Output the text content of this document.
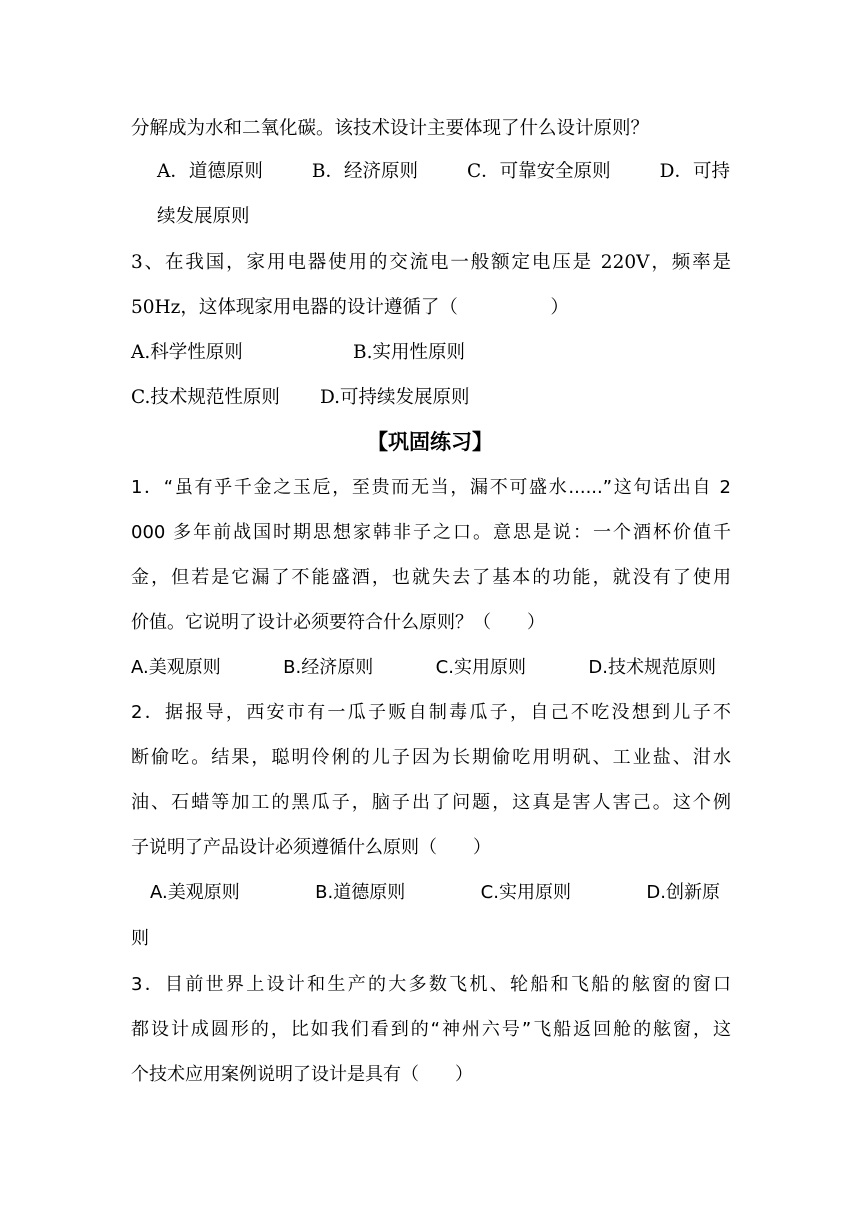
分解成为水和二氧化碳。该技术设计主要体现了什么设计原则？
A．道德原则	B．经济原则	C．可靠安全原则	D．可持
续发展原则
3、在我国，家用电器使用的交流电一般额定电压是 220V，频率是
50Hz，这体现家用电器的设计遵循了（　　　　　）
A.科学性原则	B.实用性原则
C.技术规范性原则	D.可持续发展原则
【巩固练习】
1．“虽有乎千金之玉卮，至贵而无当，漏不可盛水......”这句话出自 2
000 多年前战国时期思想家韩非子之口。意思是说：一个酒杯价值千
金，但若是它漏了不能盛酒，也就失去了基本的功能，就没有了使用
价值。它说明了设计必须要符合什么原则？（　　）
A.美观原则	B.经济原则	C.实用原则	D.技术规范原则
2．据报导，西安市有一瓜子贩自制毒瓜子，自己不吃没想到儿子不
断偷吃。结果，聪明伶俐的儿子因为长期偷吃用明矾、工业盐、泔水
油、石蜡等加工的黑瓜子，脑子出了问题，这真是害人害己。这个例
子说明了产品设计必须遵循什么原则（　　）
A.美观原则	B.道德原则	C.实用原则	D.创新原
则
3．目前世界上设计和生产的大多数飞机、轮船和飞船的舷窗的窗口
都设计成圆形的，比如我们看到的“神州六号”飞船返回舱的舷窗，这
个技术应用案例说明了设计是具有（　　）
